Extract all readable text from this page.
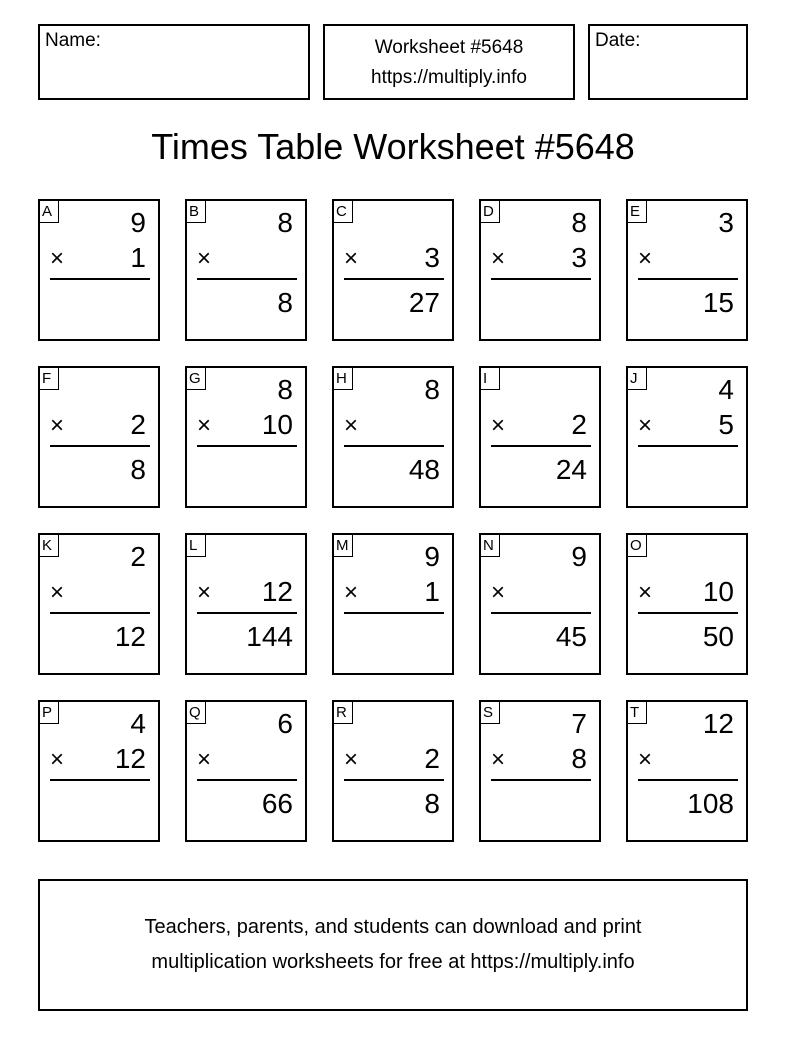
Name:	Worksheet #5648
https://multiply.info
Date:
Times Table Worksheet #5648
A	9
× 1
B	8
×
8
C
× 3
27
D	8
× 3
E	3
×
15
F
× 2
8
G	8
× 10
H	8
×
48
I
× 2
24
J	4
× 5
K	2
×
12
L
× 12
144
M	9
× 1
N	9
×
45
O
× 10
50
P	4
× 12
Q	6
×
66
R
× 2
8
S	7
× 8
T 12
×
108
Teachers, parents, and students can download and print
multiplication worksheets for free at https://multiply.info
